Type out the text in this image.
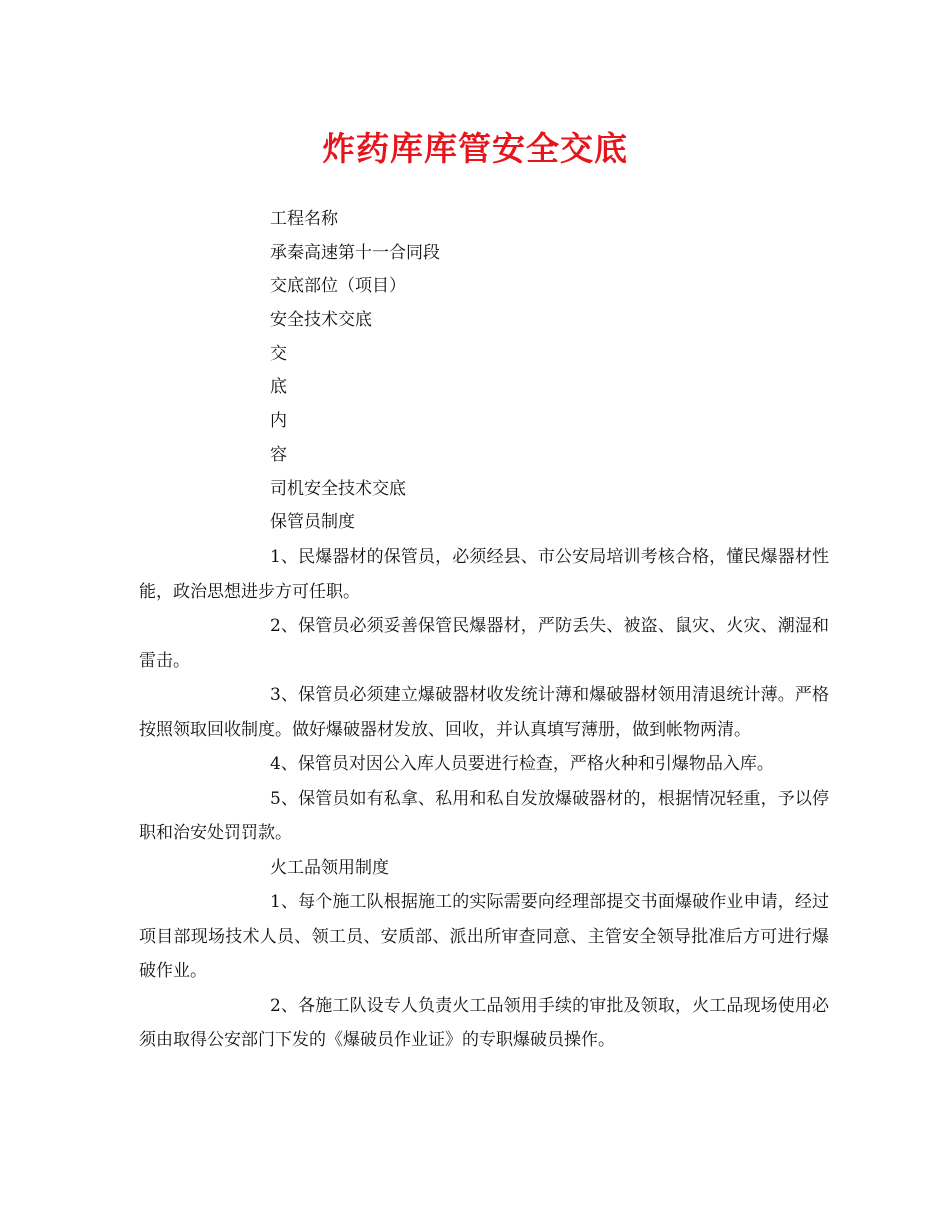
炸药库库管安全交底
工程名称
承秦高速第十一合同段
交底部位（项目）
安全技术交底
交
底
内
容
司机安全技术交底
保管员制度

1、民爆器材的保管员，必须经县、市公安局培训考核合格，懂民爆器材性能，政治思想进步方可任职。

2、保管员必须妥善保管民爆器材，严防丢失、被盗、鼠灾、火灾、潮湿和雷击。

3、保管员必须建立爆破器材收发统计薄和爆破器材领用清退统计薄。严格按照领取回收制度。做好爆破器材发放、回收，并认真填写薄册，做到帐物两清。

4、保管员对因公入库人员要进行检查，严格火种和引爆物品入库。

5、保管员如有私拿、私用和私自发放爆破器材的，根据情况轻重，予以停职和治安处罚罚款。

火工品领用制度

1、每个施工队根据施工的实际需要向经理部提交书面爆破作业申请，经过项目部现场技术人员、领工员、安质部、派出所审查同意、主管安全领导批准后方可进行爆破作业。

2、各施工队设专人负责火工品领用手续的审批及领取，火工品现场使用必须由取得公安部门下发的《爆破员作业证》的专职爆破员操作。
